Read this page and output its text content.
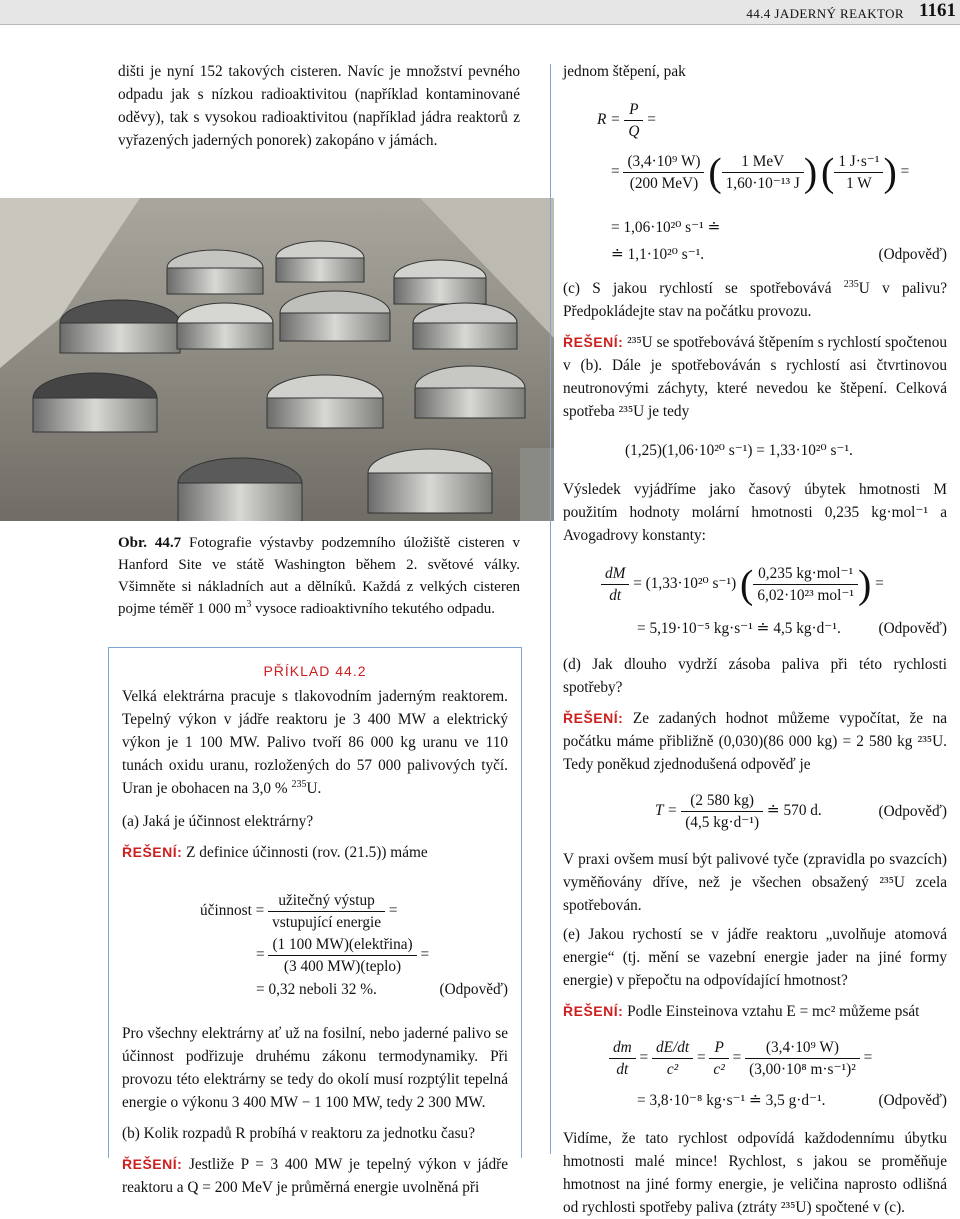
44.4 JADERNÝ REAKTOR 1161

dišti je nyní 152 takových cisteren. Navíc je množství pevného odpadu jak s nízkou radioaktivitou (například kontaminované oděvy), tak s vysokou radioaktivitou (například jádra reaktorů z vyřazených jaderných ponorek) zakopáno v jámách.

Obr. 44.7 Fotografie výstavby podzemního úložiště cisteren v Hanford Site ve státě Washington během 2. světové války. Všimněte si nákladních aut a dělníků. Každá z velkých cisteren pojme téměř 1 000 $m^3$ vysoce radioaktivního tekutého odpadu.

PŘÍKLAD 44.2

Velká elektrárna pracuje s tlakovodním jaderným reaktorem. Tepelný výkon v jádře reaktoru je 3 400 MW a elektrický výkon je 1 100 MW. Palivo tvoří 86 000 kg uranu ve 110 tunách oxidu uranu, rozložených do 57 000 palivových tyčí. Uran je obohacen na 3,0 % $^{235}$U.

(a) Jaká je účinnost elektrárny?

ŘEŠENÍ: Z definice účinnosti (rov. (21.5)) máme

účinnost = $\frac{\text{užitečný výstup}}{\text{vstupující energie}}$ =
= $\frac{\text{(1 100 MW)(elektřina)}}{\text{(3 400 MW)(teplo)}}$ =
= 0,32 neboli 32 %.	(Odpověď)

Pro všechny elektrárny ať už na fosilní, nebo jaderné palivo se účinnost podřizuje druhému zákonu termodynamiky. Při provozu této elektrárny se tedy do okolí musí rozptýlit tepelná energie o výkonu 3 400 MW − 1 100 MW, tedy 2 300 MW.

(b) Kolik rozpadů R probíhá v reaktoru za jednotku času?

ŘEŠENÍ: Jestliže P = 3 400 MW je tepelný výkon v jádře reaktoru a Q = 200 MeV je průměrná energie uvolněná při

jednom štěpení, pak

$R = \frac{P}{Q}$ =
= $\frac{\text{(3,4·10⁹ W)}}{\text{(200 MeV)}}$ ( $\frac{\text{1 MeV}}{\text{1,60·10⁻¹³ J}}$ ) ( $\frac{\text{1 J·s⁻¹}}{1 W}$ ) =
= 1,06·10²⁰ s⁻¹ ≐
≐ 1,1·10²⁰ s⁻¹.	(Odpověď)

(c) S jakou rychlostí se spotřebovává $^{235}$U v palivu? Předpokládejte stav na počátku provozu.

ŘEŠENÍ: ²³⁵U se spotřebovává štěpením s rychlostí spočtenou v (b). Dále je spotřebováván s rychlostí asi čtvrtinovou neutronovými záchyty, které nevedou ke štěpení. Celková spotřeba ²³⁵U je tedy

(1,25)(1,06·10²⁰ s⁻¹) = 1,33·10²⁰ s⁻¹.

Výsledek vyjádříme jako časový úbytek hmotnosti M použitím hodnoty molární hmotnosti 0,235 kg·mol⁻¹ a Avogadrovy konstanty:

$\frac{dM}{dt} = (1,33\cdot 10^{20}$ s⁻¹) ( $\frac{\text{0,235 kg·mol⁻¹}}{\text{6,02·10²³ mol⁻¹}}$ ) =
= 5,19·10⁻⁵ kg·s⁻¹ ≐ 4,5 kg·d⁻¹. (Odpověď)

(d) Jak dlouho vydrží zásoba paliva při této rychlosti spotřeby?

ŘEŠENÍ: Ze zadaných hodnot můžeme vypočítat, že na počátku máme přibližně (0,030)(86 000 kg) = 2 580 kg ²³⁵U. Tedy poněkud zjednodušená odpověď je

$T = \frac{(2 580 kg)}{\text{(4,5 kg·d⁻¹)}}$ ≐ 570 d.	(Odpověď)

V praxi ovšem musí být palivové tyče (zpravidla po svazcích) vyměňovány dříve, než je všechen obsažený ²³⁵U zcela spotřebován.

(e) Jakou rychostí se v jádře reaktoru „uvolňuje atomová energie“ (tj. mění se vazební energie jader na jiné formy energie) v přepočtu na odpovídající hmotnost?

ŘEŠENÍ: Podle Einsteinova vztahu E = mc² můžeme psát

$\frac{dm}{dt} = \frac{dE/dt}{\text{c²}} = \frac{P}{\text{c²}} = \frac{\text{(3,4·10⁹ W)}}{\text{(3,00·10⁸ m·s⁻¹)²}}$ =
= 3,8·10⁻⁸ kg·s⁻¹ ≐ 3,5 g·d⁻¹.	(Odpověď)

Vidíme, že tato rychlost odpovídá každodennímu úbytku hmotnosti malé mince! Rychlost, s jakou se proměňuje hmotnost na jiné formy energie, je veličina naprosto odlišná od rychlosti spotřeby paliva (ztráty ²³⁵U) spočtené v (c).
